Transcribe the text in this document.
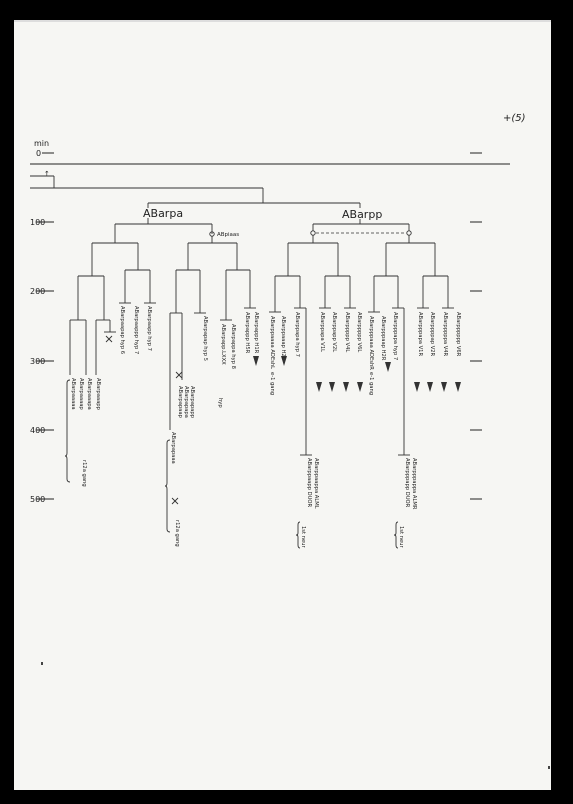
+(5)
min
0
100
200
300
400
500
↑
ABarpa	ABarpp
ABpiaas
ABarpaaaaa ABarpaaaap ABarpaaapa ABarpaaapp
ABarpaapap hyp 6 ABarpaappp hyp 7 ABarpaapp hyp 7
ABarpapaaa
ABarpapaap ABarpapapa ABarpapapp
ABarpapap hyp 5 ABarpapp.LXXX ABarpappa hyp 8 ABarpappp H5R ABarpappp H1R
r12a gang
r12a gang
hyp
ABarppaaaa ADEshL ABarppaaap H2L ABarppapa hyp 7
ABarppaapp DUOR ABarppaappa ALML
ABarppapa V1L ABarppapp V2L ABarppppp V4L ABarppppp V6L ABarpppaaa ADEshR ABarpppaap H2R ABarpppapa hyp 7
ABarpppapp DUOR ABarpppappa ALMR
ABarpppapa V1R ABarppppap V2R ABarpppppa V4R ABarpppppp V6R
e-1 gang
1st neur
e-1 gang
1st neur
